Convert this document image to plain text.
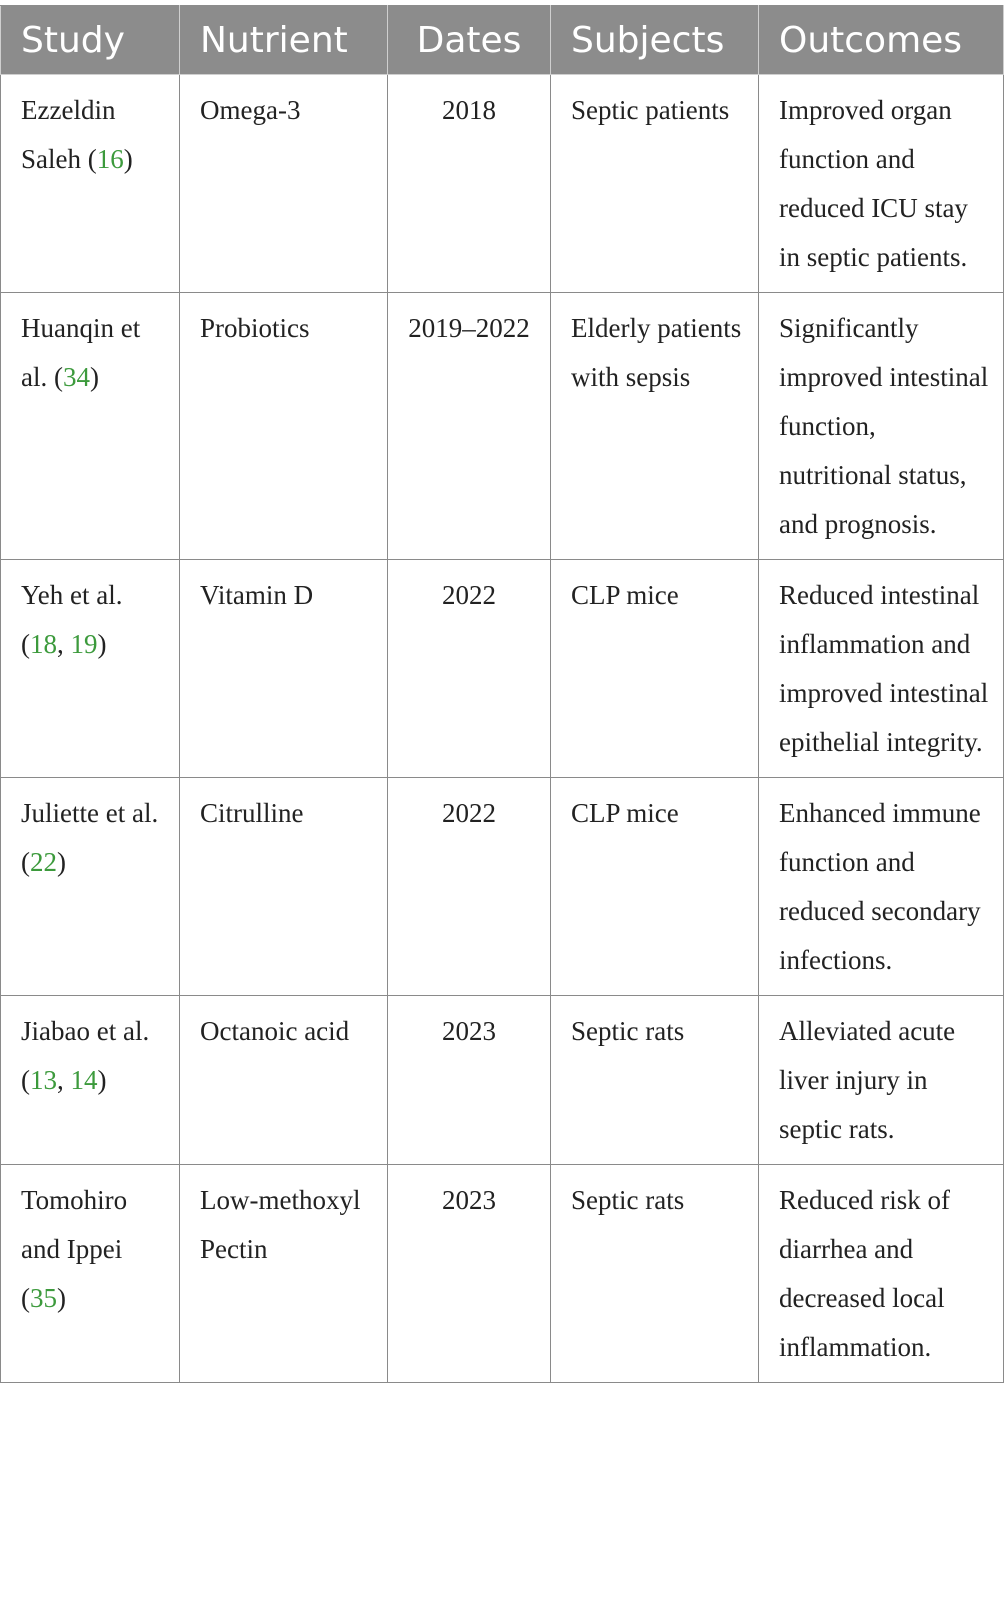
Study	Nutrient	Dates	Subjects	Outcomes
Ezzeldin Saleh (16)	Omega-3	2018	Septic patients	Improved organ function and reduced ICU stay in septic patients.
Huanqin et al. (34)	Probiotics	2019–2022	Elderly patients with sepsis	Significantly improved intestinal function, nutritional status, and prognosis.
Yeh et al. (18, 19)	Vitamin D	2022	CLP mice	Reduced intestinal inflammation and improved intestinal epithelial integrity.
Juliette et al. (22)	Citrulline	2022	CLP mice	Enhanced immune function and reduced secondary infections.
Jiabao et al. (13, 14)	Octanoic acid	2023	Septic rats	Alleviated acute liver injury in septic rats.
Tomohiro and Ippei (35)	Low-methoxyl Pectin	2023	Septic rats	Reduced risk of diarrhea and decreased local inflammation.
